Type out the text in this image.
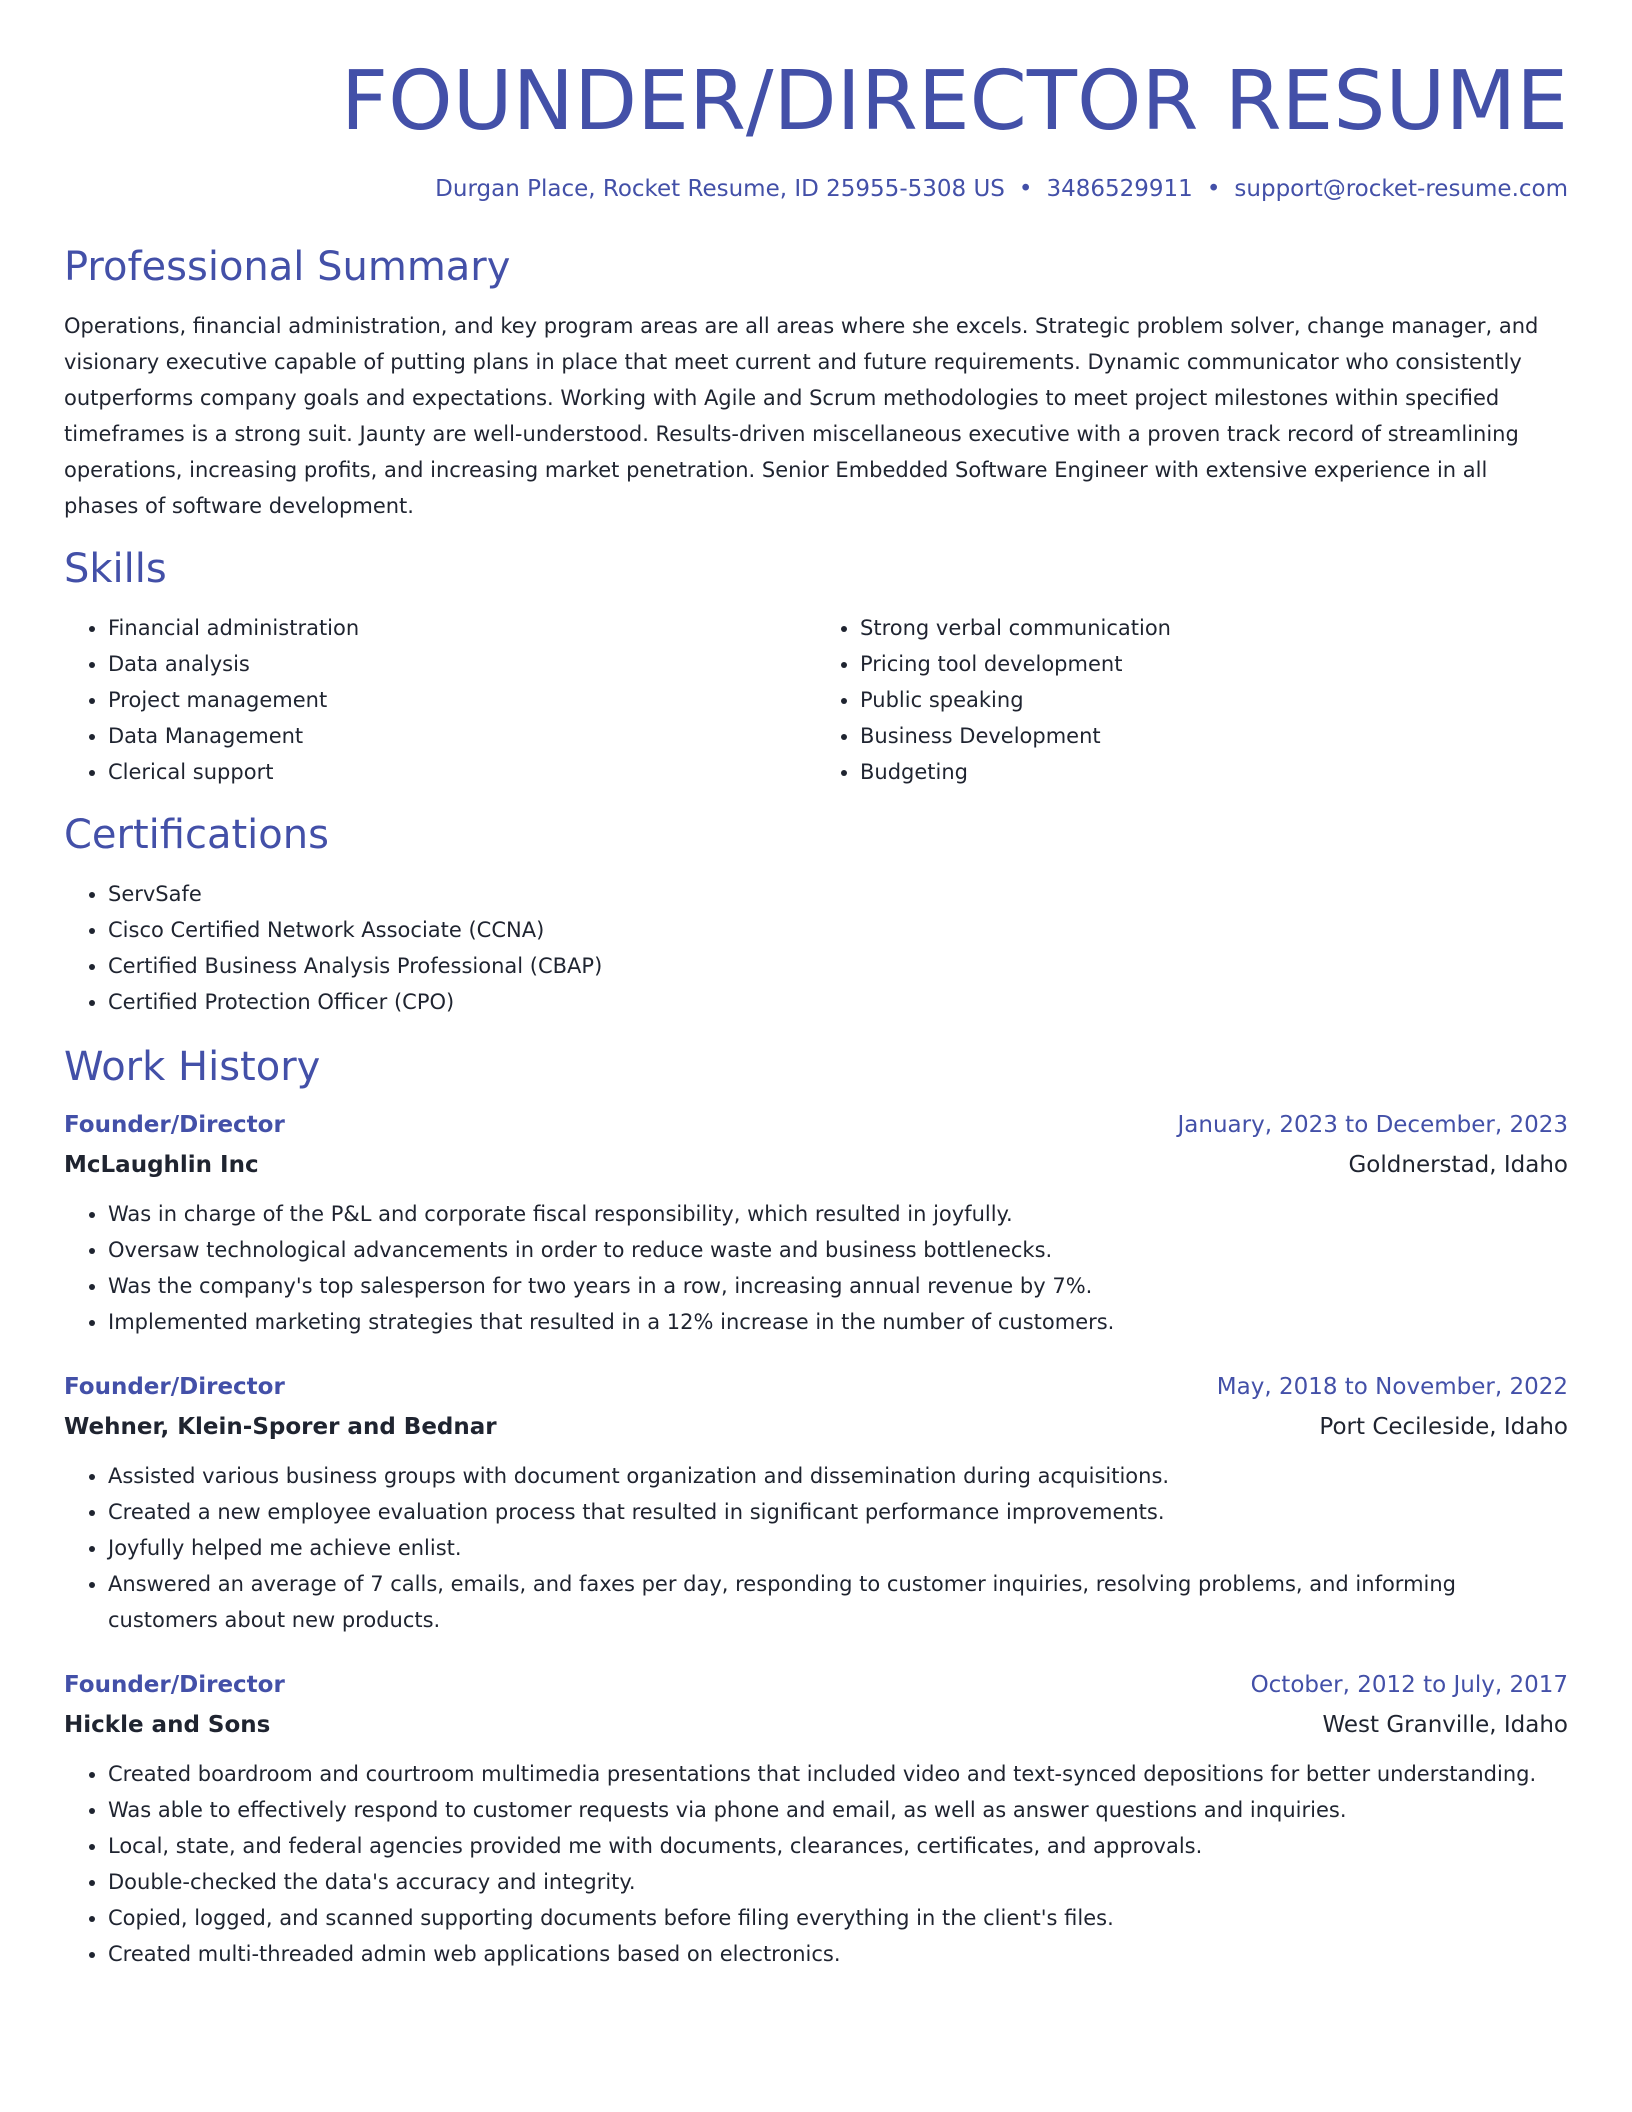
FOUNDER/DIRECTOR RESUME
Durgan Place, Rocket Resume, ID 25955-5308 US • 3486529911 • support@rocket-resume.com
Professional Summary

Operations, financial administration, and key program areas are all areas where she excels. Strategic problem solver, change manager, and visionary executive capable of putting plans in place that meet current and future requirements. Dynamic communicator who consistently outperforms company goals and expectations. Working with Agile and Scrum methodologies to meet project milestones within specified timeframes is a strong suit. Jaunty are well-understood. Results-driven miscellaneous executive with a proven track record of streamlining operations, increasing profits, and increasing market penetration. Senior Embedded Software Engineer with extensive experience in all phases of software development.

Skills
• Financial administration
• Data analysis
• Project management
• Data Management
• Clerical support
• Strong verbal communication
• Pricing tool development
• Public speaking
• Business Development
• Budgeting
Certifications
• ServSafe
• Cisco Certified Network Associate (CCNA)
• Certified Business Analysis Professional (CBAP)
• Certified Protection Officer (CPO)
Work History
Founder/Director	January, 2023 to December, 2023
McLaughlin Inc	Goldnerstad, Idaho
• Was in charge of the P&L and corporate fiscal responsibility, which resulted in joyfully.
• Oversaw technological advancements in order to reduce waste and business bottlenecks.
• Was the company's top salesperson for two years in a row, increasing annual revenue by 7%.
• Implemented marketing strategies that resulted in a 12% increase in the number of customers.
Founder/Director	May, 2018 to November, 2022
Wehner, Klein-Sporer and Bednar	Port Cecileside, Idaho
• Assisted various business groups with document organization and dissemination during acquisitions.
• Created a new employee evaluation process that resulted in significant performance improvements.
• Joyfully helped me achieve enlist.
• Answered an average of 7 calls, emails, and faxes per day, responding to customer inquiries, resolving problems, and informing customers about new products.
Founder/Director	October, 2012 to July, 2017
Hickle and Sons	West Granville, Idaho
• Created boardroom and courtroom multimedia presentations that included video and text-synced depositions for better understanding.
• Was able to effectively respond to customer requests via phone and email, as well as answer questions and inquiries.
• Local, state, and federal agencies provided me with documents, clearances, certificates, and approvals.
• Double-checked the data's accuracy and integrity.
• Copied, logged, and scanned supporting documents before filing everything in the client's files.
• Created multi-threaded admin web applications based on electronics.
